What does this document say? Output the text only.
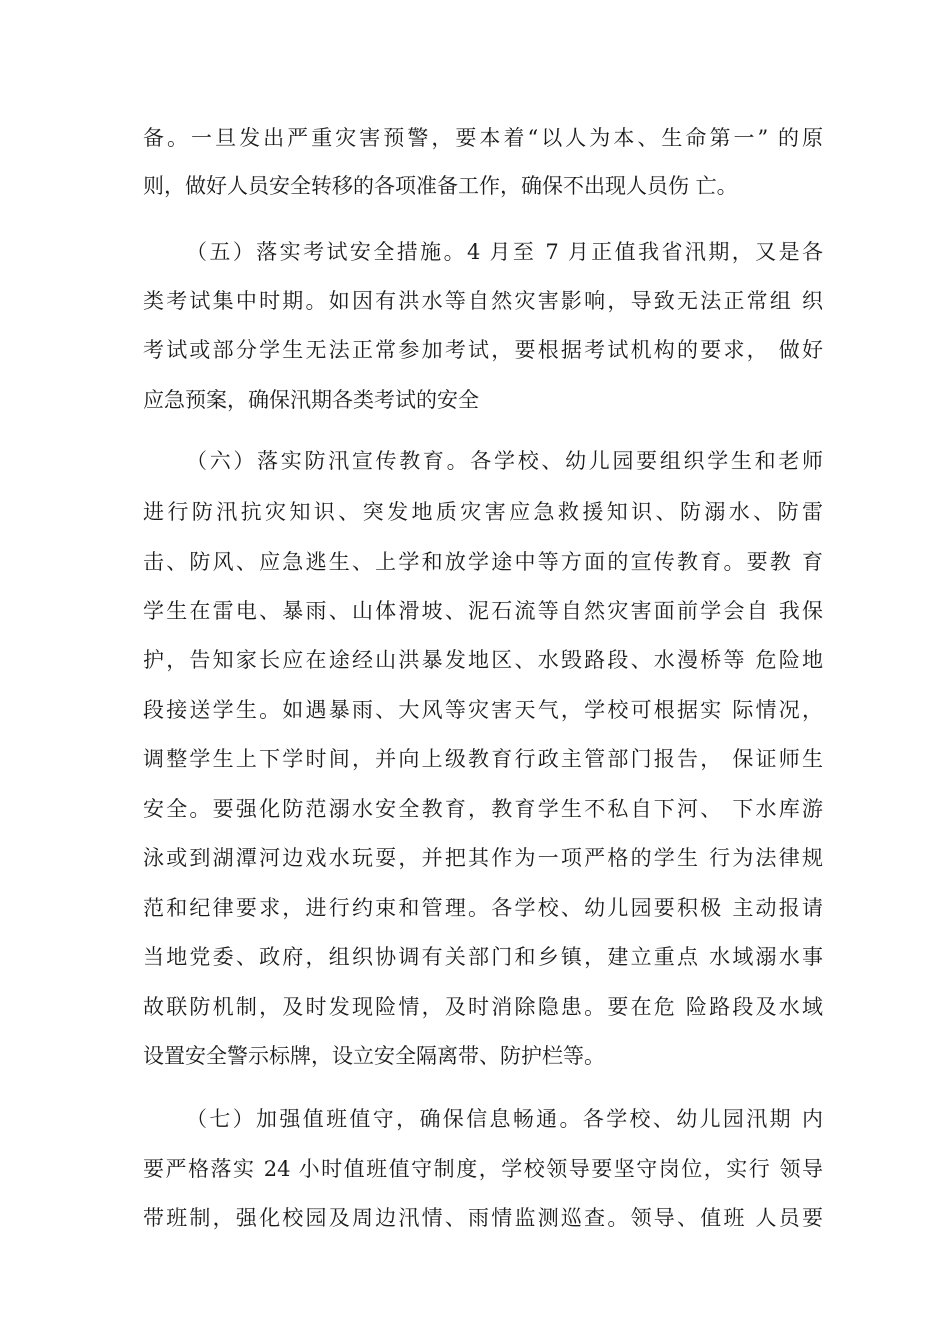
备。一旦发出严重灾害预警，要本着“以人为本、生命第一” 的原
则，做好人员安全转移的各项准备工作，确保不出现人员伤 亡。
（五）落实考试安全措施。4 月至 7 月正值我省汛期，又是各
类考试集中时期。如因有洪水等自然灾害影响，导致无法正常组 织
考试或部分学生无法正常参加考试，要根据考试机构的要求， 做好
应急预案，确保汛期各类考试的安全
（六）落实防汛宣传教育。各学校、幼儿园要组织学生和老师
进行防汛抗灾知识、突发地质灾害应急救援知识、防溺水、防雷
击、防风、应急逃生、上学和放学途中等方面的宣传教育。要教 育
学生在雷电、暴雨、山体滑坡、泥石流等自然灾害面前学会自 我保
护，告知家长应在途经山洪暴发地区、水毁路段、水漫桥等 危险地
段接送学生。如遇暴雨、大风等灾害天气，学校可根据实 际情况，
调整学生上下学时间，并向上级教育行政主管部门报告， 保证师生
安全。要强化防范溺水安全教育，教育学生不私自下河、 下水库游
泳或到湖潭河边戏水玩耍，并把其作为一项严格的学生 行为法律规
范和纪律要求，进行约束和管理。各学校、幼儿园要积极 主动报请
当地党委、政府，组织协调有关部门和乡镇，建立重点 水域溺水事
故联防机制，及时发现险情，及时消除隐患。要在危 险路段及水域
设置安全警示标牌，设立安全隔离带、防护栏等。
（七）加强值班值守，确保信息畅通。各学校、幼儿园汛期 内
要严格落实 24 小时值班值守制度，学校领导要坚守岗位，实行 领导
带班制，强化校园及周边汛情、雨情监测巡查。领导、值班 人员要
